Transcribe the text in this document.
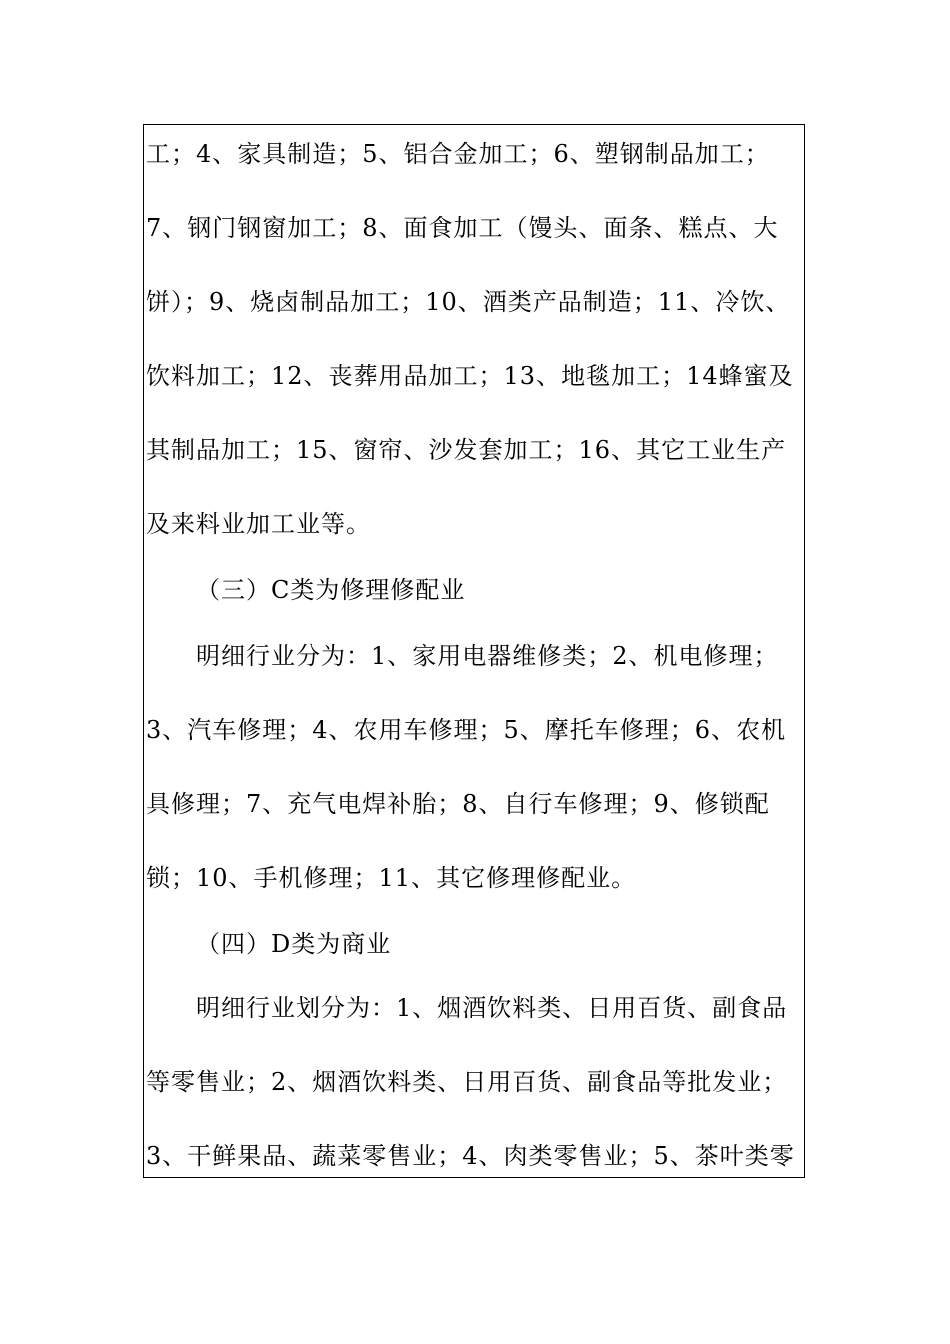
工；4、家具制造；5、铝合金加工；6、塑钢制品加工；
7、钢门钢窗加工；8、面食加工（馒头、面条、糕点、大
饼）；9、烧卤制品加工；10、酒类产品制造；11、冷饮、
饮料加工；12、丧葬用品加工；13、地毯加工；14蜂蜜及
其制品加工；15、窗帘、沙发套加工；16、其它工业生产
及来料业加工业等。
（三）C类为修理修配业
明细行业分为：1、家用电器维修类；2、机电修理；
3、汽车修理；4、农用车修理；5、摩托车修理；6、农机
具修理；7、充气电焊补胎；8、自行车修理；9、修锁配
锁；10、手机修理；11、其它修理修配业。
（四）D类为商业
明细行业划分为：1、烟酒饮料类、日用百货、副食品
等零售业；2、烟酒饮料类、日用百货、副食品等批发业；
3、干鲜果品、蔬菜零售业；4、肉类零售业；5、茶叶类零
